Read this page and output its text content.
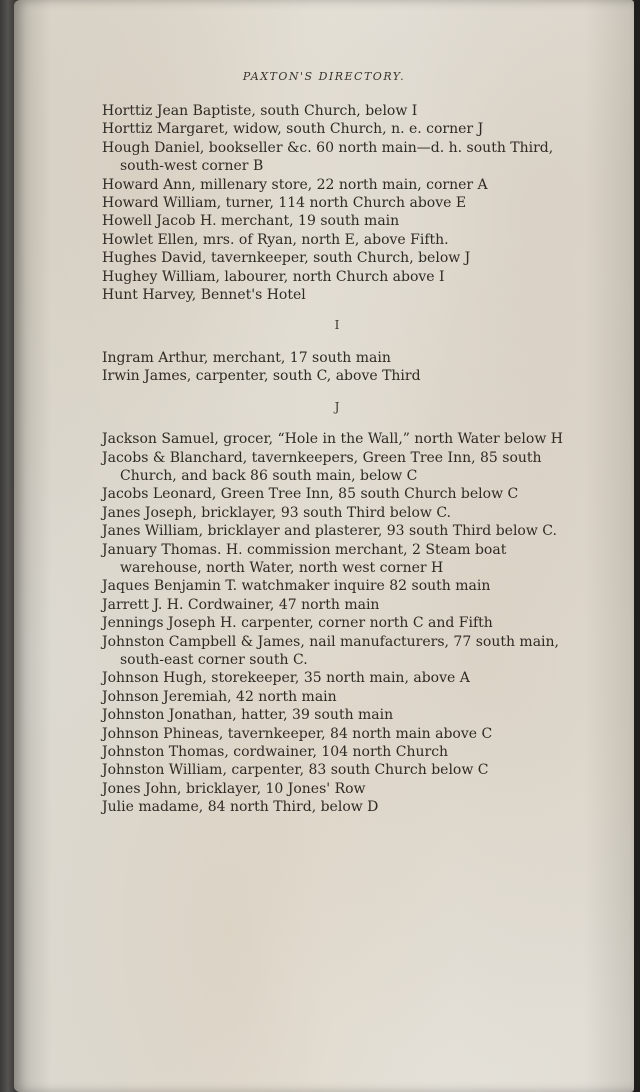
PAXTON'S DIRECTORY.

Horttiz Jean Baptiste, south Church, below I

Horttiz Margaret, widow, south Church, n. e. corner J

Hough Daniel, bookseller &c. 60 north main—d. h. south Third, south-west corner B

Howard Ann, millenary store, 22 north main, corner A

Howard William, turner, 114 north Church above E

Howell Jacob H. merchant, 19 south main

Howlet Ellen, mrs. of Ryan, north E, above Fifth.

Hughes David, tavernkeeper, south Church, below J

Hughey William, labourer, north Church above I

Hunt Harvey, Bennet's Hotel

I

Ingram Arthur, merchant, 17 south main

Irwin James, carpenter, south C, above Third

J

Jackson Samuel, grocer, “Hole in the Wall,” north Water below H

Jacobs & Blanchard, tavernkeepers, Green Tree Inn, 85 south Church, and back 86 south main, below C

Jacobs Leonard, Green Tree Inn, 85 south Church below C

Janes Joseph, bricklayer, 93 south Third below C.

Janes William, bricklayer and plasterer, 93 south Third below C.

January Thomas. H. commission merchant, 2 Steam boat warehouse, north Water, north west corner H

Jaques Benjamin T. watchmaker inquire 82 south main

Jarrett J. H. Cordwainer, 47 north main

Jennings Joseph H. carpenter, corner north C and Fifth

Johnston Campbell & James, nail manufacturers, 77 south main, south-east corner south C.

Johnson Hugh, storekeeper, 35 north main, above A

Johnson Jeremiah, 42 north main

Johnston Jonathan, hatter, 39 south main

Johnson Phineas, tavernkeeper, 84 north main above C

Johnston Thomas, cordwainer, 104 north Church

Johnston William, carpenter, 83 south Church below C

Jones John, bricklayer, 10 Jones' Row

Julie madame, 84 north Third, below D
